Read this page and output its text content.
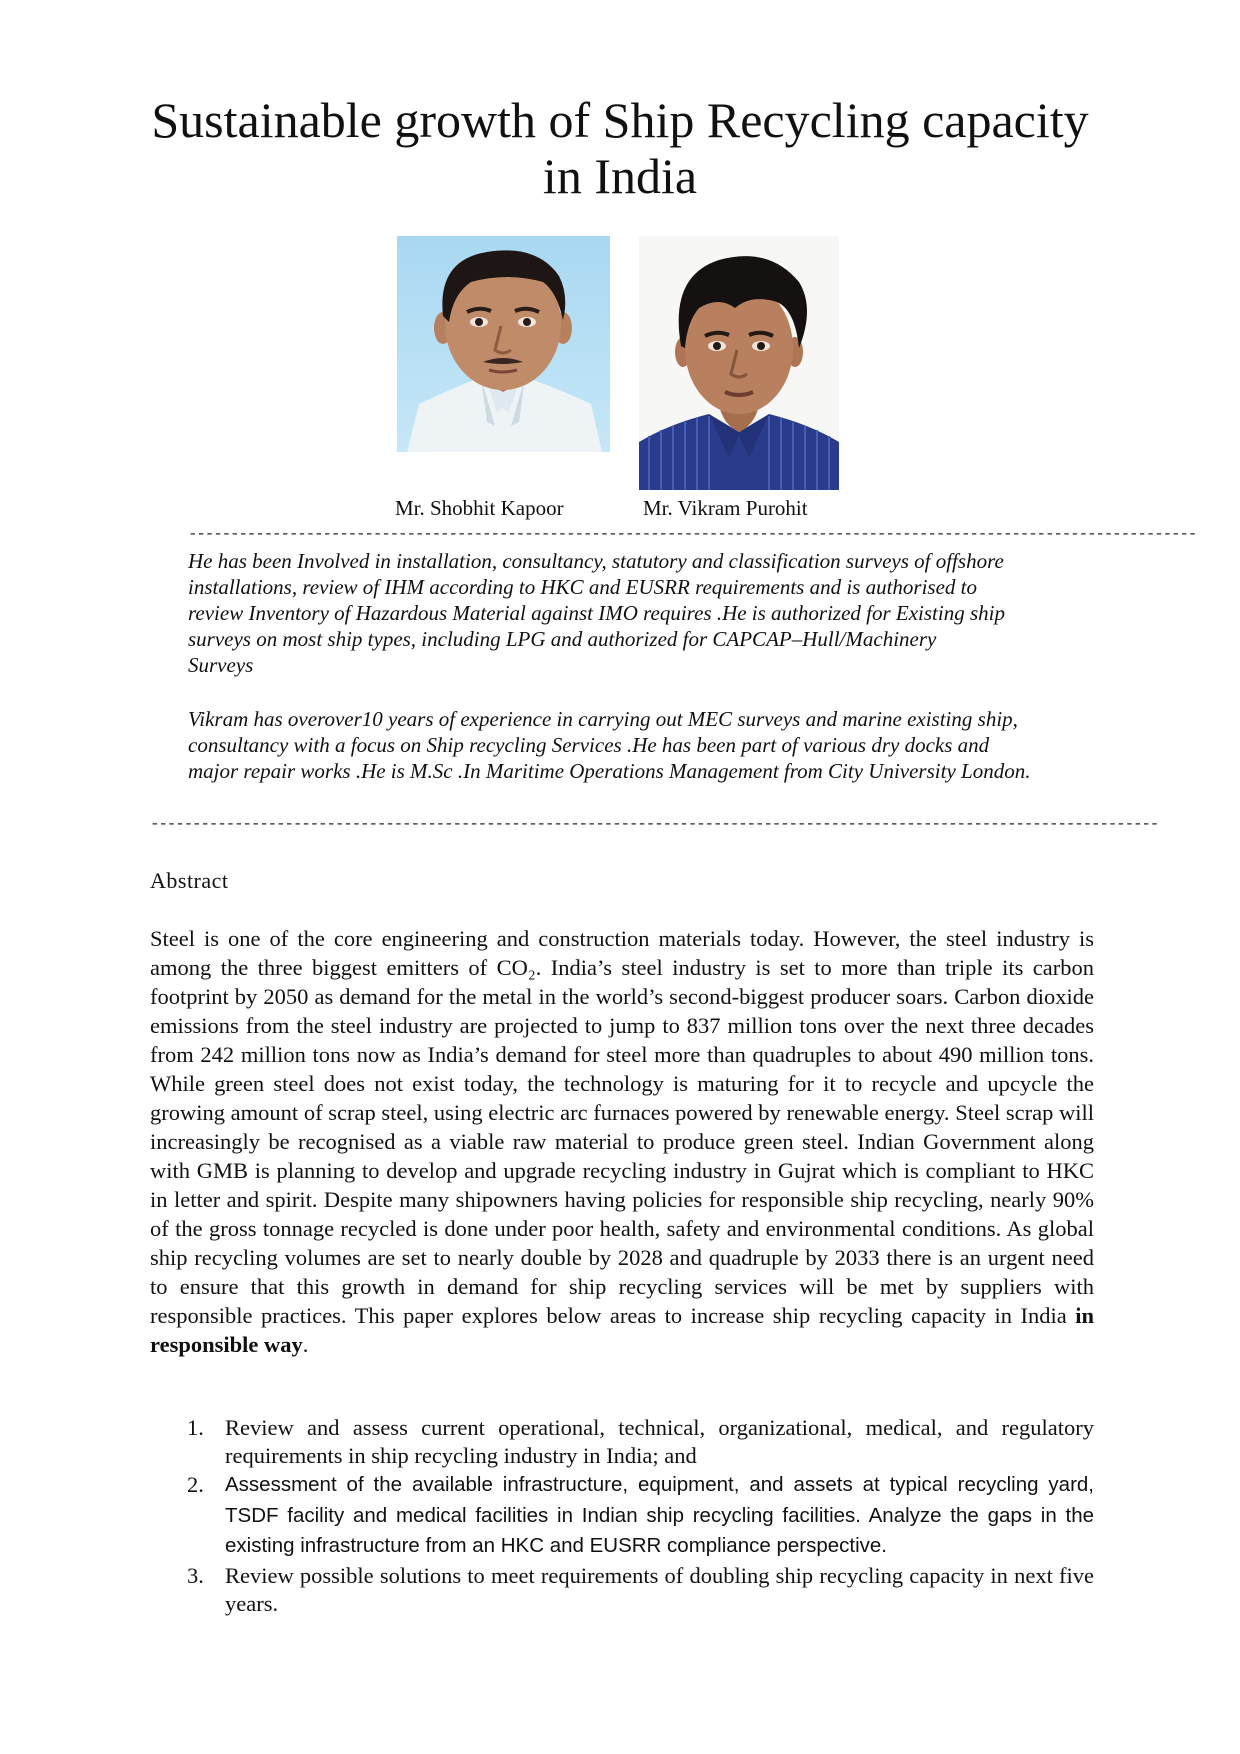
Sustainable growth of Ship Recycling capacity in India
Mr. Shobhit Kapoor	Mr. Vikram Purohit
------------------------------------------------------------------------------------------------------------------------
He has been Involved in installation, consultancy, statutory and classification surveys of offshore
installations, review of IHM according to HKC and EUSRR requirements and is authorised to
review Inventory of Hazardous Material against IMO requires .He is authorized for Existing ship
surveys on most ship types, including LPG and authorized for CAPCAP–Hull/Machinery
Surveys
Vikram has overover10 years of experience in carrying out MEC surveys and marine existing ship,
consultancy with a focus on Ship recycling Services .He has been part of various dry docks and
major repair works .He is M.Sc .In Maritime Operations Management from City University London.
------------------------------------------------------------------------------------------------------------------------
Abstract

Steel is one of the core engineering and construction materials today. However, the steel industry is among the three biggest emitters of CO₂. India’s steel industry is set to more than triple its carbon footprint by 2050 as demand for the metal in the world’s second-biggest producer soars. Carbon dioxide emissions from the steel industry are projected to jump to 837 million tons over the next three decades from 242 million tons now as India’s demand for steel more than quadruples to about 490 million tons. While green steel does not exist today, the technology is maturing for it to recycle and upcycle the growing amount of scrap steel, using electric arc furnaces powered by renewable energy. Steel scrap will increasingly be recognised as a viable raw material to produce green steel. Indian Government along with GMB is planning to develop and upgrade recycling industry in Gujrat which is compliant to HKC in letter and spirit. Despite many shipowners having policies for responsible ship recycling, nearly 90% of the gross tonnage recycled is done under poor health, safety and environmental conditions. As global ship recycling volumes are set to nearly double by 2028 and quadruple by 2033 there is an urgent need to ensure that this growth in demand for ship recycling services will be met by suppliers with responsible practices. This paper explores below areas to increase ship recycling capacity in India in responsible way.

1. Review and assess current operational, technical, organizational, medical, and regulatory requirements in ship recycling industry in India; and
2. Assessment of the available infrastructure, equipment, and assets at typical recycling yard, TSDF facility and medical facilities in Indian ship recycling facilities. Analyze the gaps in the existing infrastructure from an HKC and EUSRR compliance perspective.
3. Review possible solutions to meet requirements of doubling ship recycling capacity in next five years.
